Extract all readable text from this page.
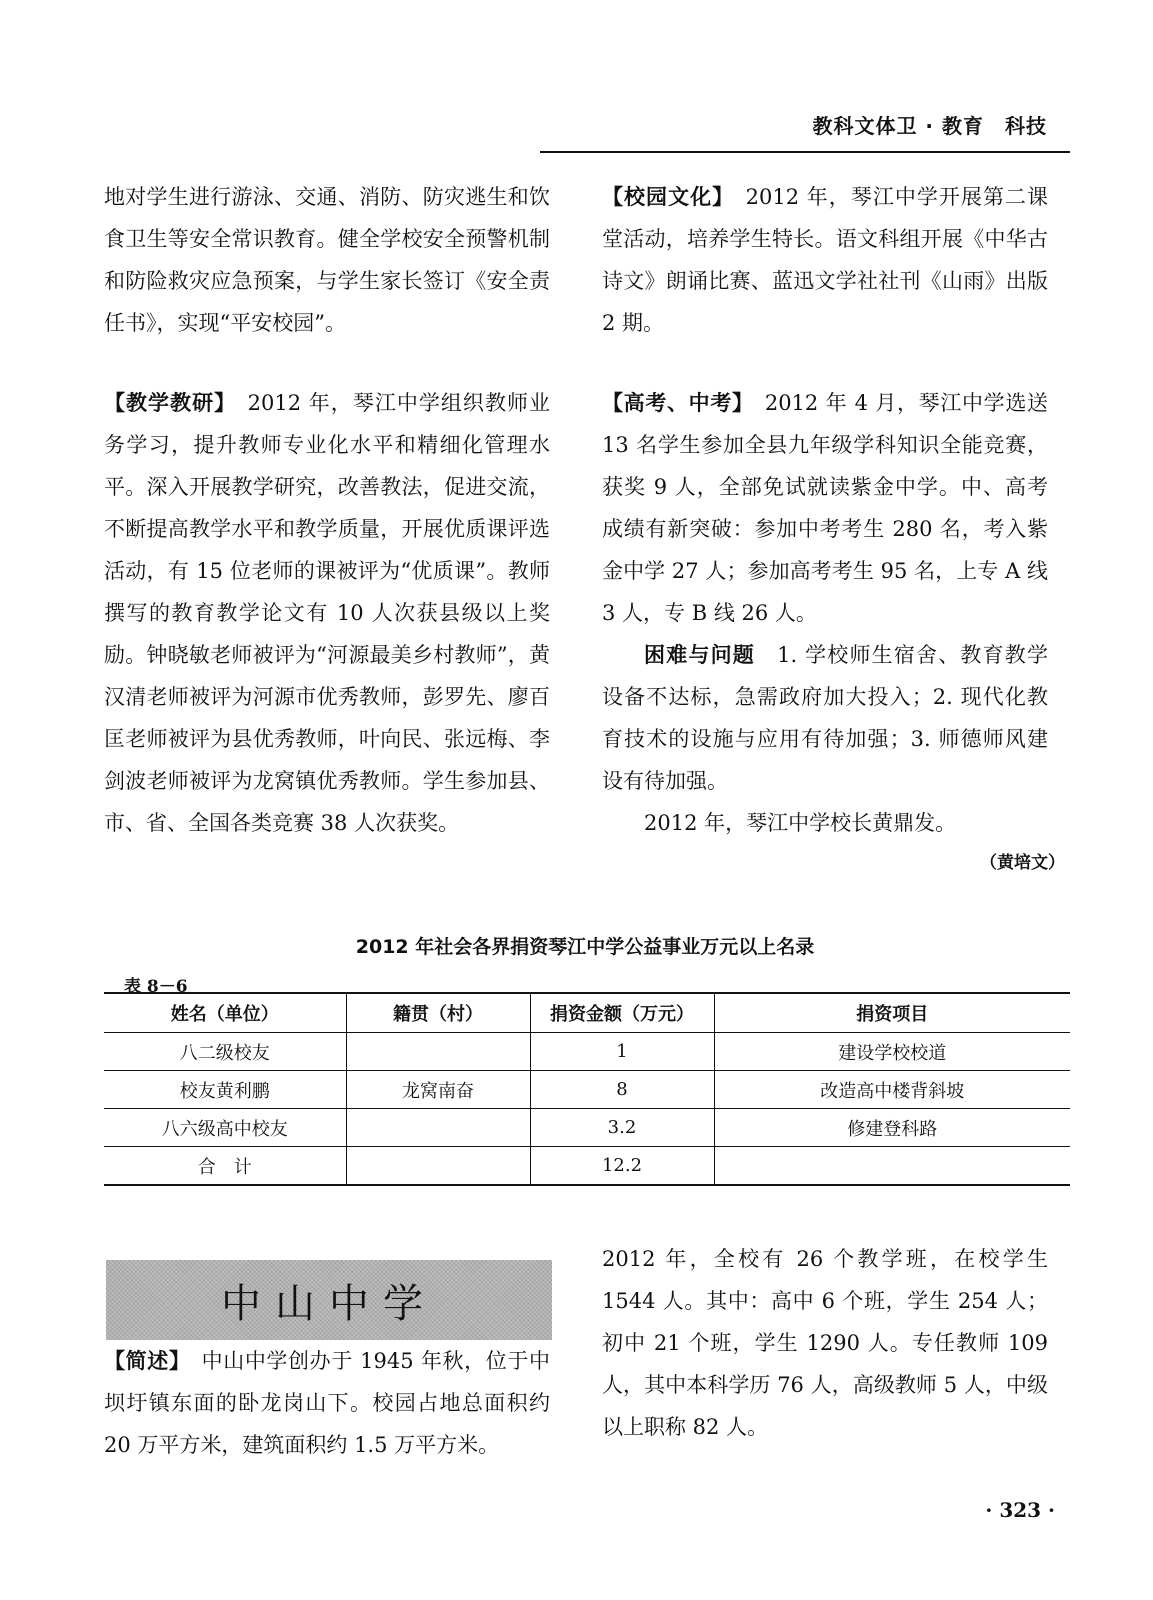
教科文体卫 · 教育　科技

地对学生进行游泳、交通、消防、防灾逃生和饮食卫生等安全常识教育。健全学校安全预警机制和防险救灾应急预案，与学生家长签订《安全责任书》，实现“平安校园”。

【教学教研】　2012 年，琴江中学组织教师业务学习，提升教师专业化水平和精细化管理水平。深入开展教学研究，改善教法，促进交流，不断提高教学水平和教学质量，开展优质课评选活动，有 15 位老师的课被评为“优质课”。教师撰写的教育教学论文有 10 人次获县级以上奖励。钟晓敏老师被评为“河源最美乡村教师”，黄汉清老师被评为河源市优秀教师，彭罗先、廖百匡老师被评为县优秀教师，叶向民、张远梅、李剑波老师被评为龙窝镇优秀教师。学生参加县、市、省、全国各类竞赛 38 人次获奖。

【校园文化】　2012 年，琴江中学开展第二课堂活动，培养学生特长。语文科组开展《中华古诗文》朗诵比赛、蓝迅文学社社刊《山雨》出版 2 期。

【高考、中考】　2012 年 4 月，琴江中学选送 13 名学生参加全县九年级学科知识全能竞赛，获奖 9 人，全部免试就读紫金中学。中、高考成绩有新突破：参加中考考生 280 名，考入紫金中学 27 人；参加高考考生 95 名，上专 A 线 3 人，专 B 线 26 人。

困难与问题　1. 学校师生宿舍、教育教学设备不达标，急需政府加大投入；2. 现代化教育技术的设施与应用有待加强；3. 师德师风建设有待加强。

2012 年，琴江中学校长黄鼎发。

（黄培文）
2012 年社会各界捐资琴江中学公益事业万元以上名录
表 8－6
姓名（单位）	籍贯（村）	捐资金额（万元）	捐资项目
八二级校友		1	建设学校校道
校友黄利鹏	龙窝南奋	8	改造高中楼背斜坡
八六级高中校友		3.2	修建登科路
合　计		12.2	
中山中学

【简述】　中山中学创办于 1945 年秋，位于中坝圩镇东面的卧龙岗山下。校园占地总面积约 20 万平方米，建筑面积约 1.5 万平方米。

2012 年，全校有 26 个教学班，在校学生 1544 人。其中：高中 6 个班，学生 254 人；初中 21 个班，学生 1290 人。专任教师 109 人，其中本科学历 76 人，高级教师 5 人，中级以上职称 82 人。

· 323 ·
